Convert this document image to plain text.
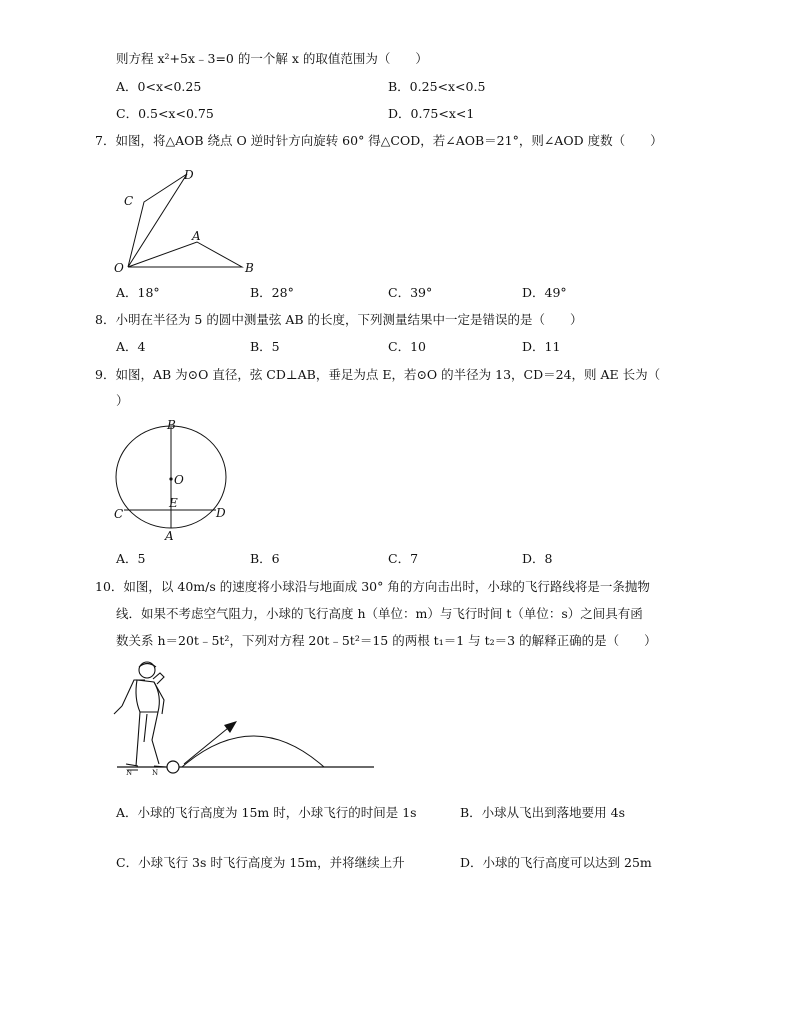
则方程 x²+5x﹣3=0 的一个解 x 的取值范围为（　　）
A．0<x<0.25	B．0.25<x<0.5
C．0.5<x<0.75	D．0.75<x<1
7．如图，将△AOB 绕点 O 逆时针方向旋转 60° 得△COD，若∠AOB＝21°，则∠AOD 度数（　　）
C
D
A
O	B
A．18°	B．28°	C．39°	D．49°
8．小明在半径为 5 的圆中测量弦 AB 的长度，下列测量结果中一定是错误的是（　　）
A．4	B．5	C．10	D．11
9．如图，AB 为⊙O 直径，弦 CD⊥AB，垂足为点 E，若⊙O 的半径为 13，CD＝24，则 AE 长为（
）
B
O
E
C	D
A
A．5	B．6	C．7	D．8
10．如图，以 40m/s 的速度将小球沿与地面成 30° 角的方向击出时，小球的飞行路线将是一条抛物
线．如果不考虑空气阻力，小球的飞行高度 h（单位：m）与飞行时间 t（单位：s）之间具有函
数关系 h＝20t﹣5t²，下列对方程 20t﹣5t²＝15 的两根 t₁＝1 与 t₂＝3 的解释正确的是（　　）
N	N
A．小球的飞行高度为 15m 时，小球飞行的时间是 1s	B．小球从飞出到落地要用 4s
C．小球飞行 3s 时飞行高度为 15m，并将继续上升	D．小球的飞行高度可以达到 25m
